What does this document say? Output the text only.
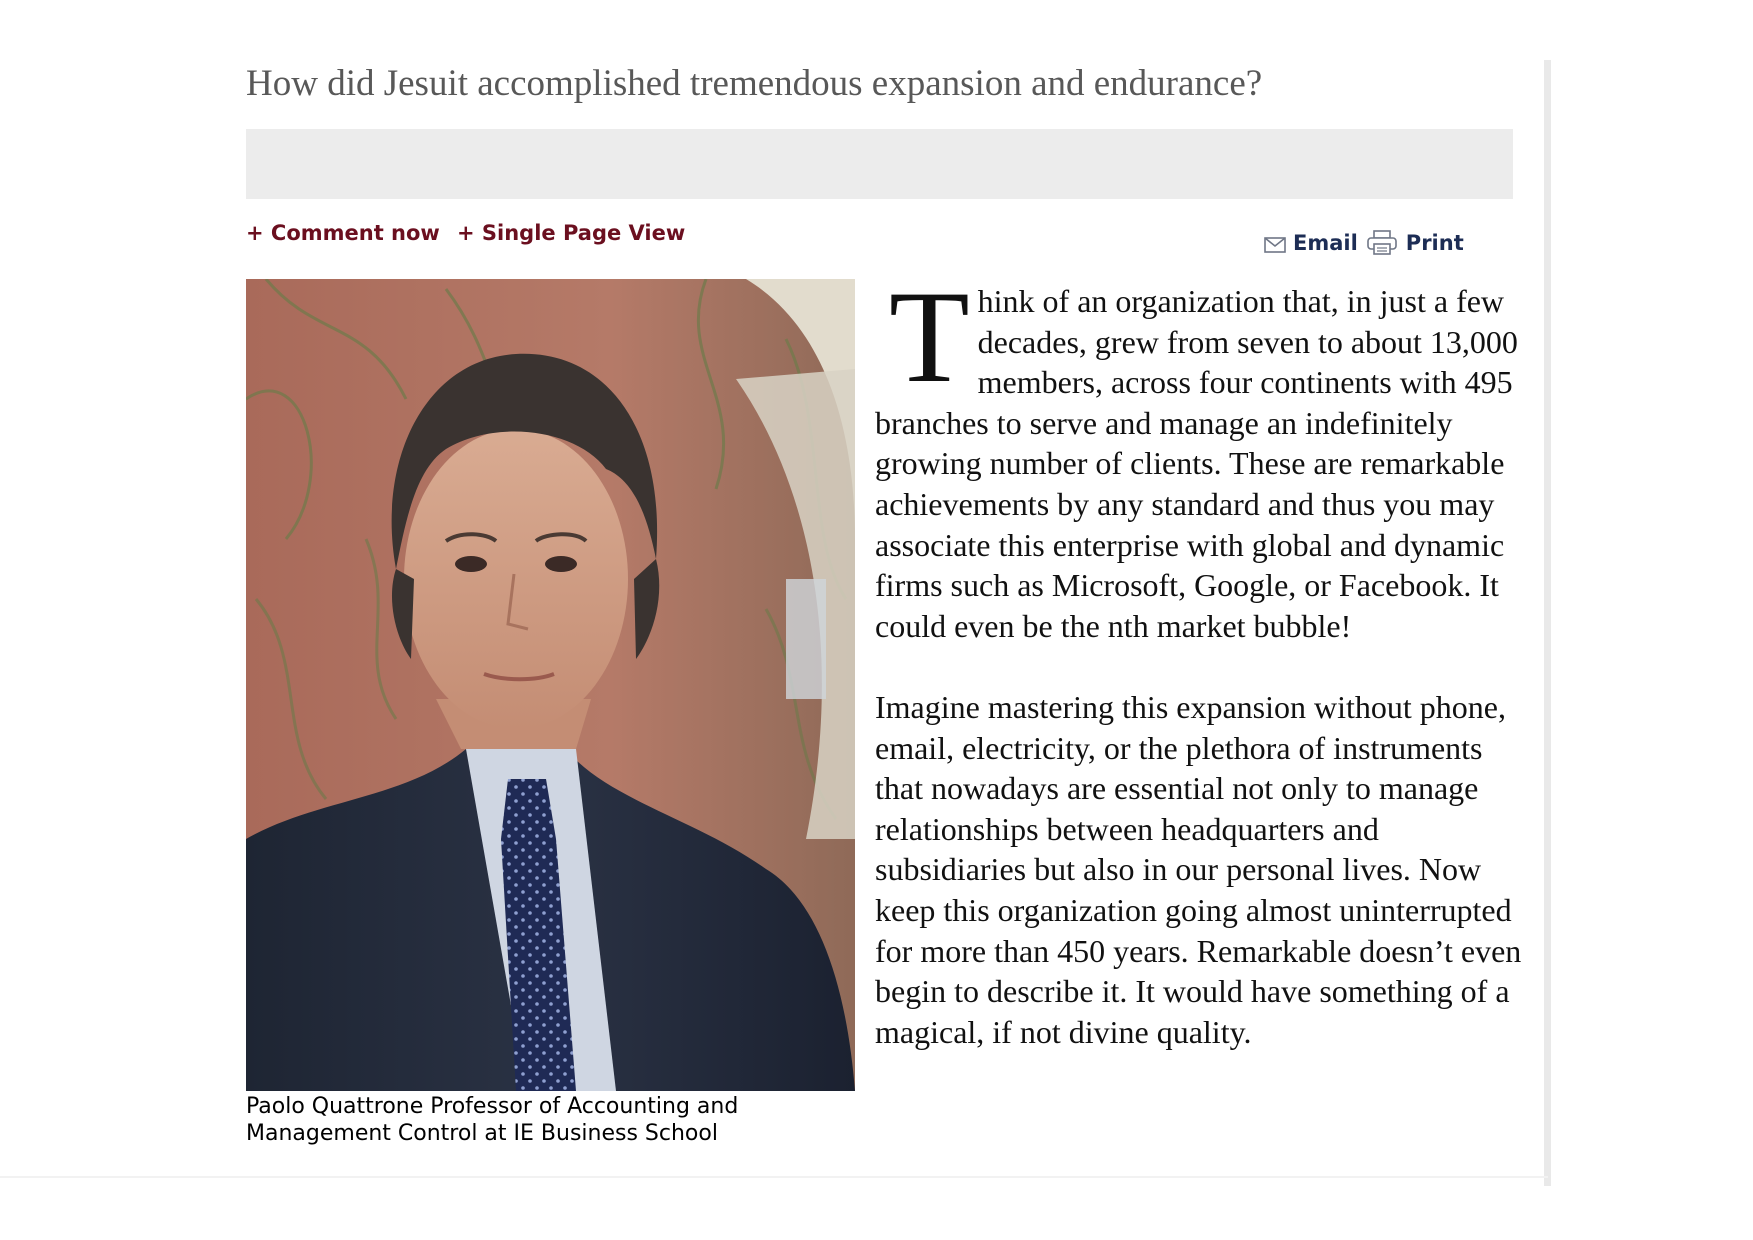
How did Jesuit accomplished tremendous expansion and endurance?
+ Comment now + Single Page View	Email Print

Paolo Quattrone Professor of Accounting and Management Control at IE Business School

Think of an organization that, in just a few decades, grew from seven to about 13,000 members, across four continents with 495 branches to serve and manage an indefinitely growing number of clients. These are remarkable achievements by any standard and thus you may associate this enterprise with global and dynamic firms such as Microsoft, Google, or Facebook. It could even be the nth market bubble!

Imagine mastering this expansion without phone, email, electricity, or the plethora of instruments that nowadays are essential not only to manage relationships between headquarters and subsidiaries but also in our personal lives. Now keep this organization going almost uninterrupted for more than 450 years. Remarkable doesn’t even begin to describe it. It would have something of a magical, if not divine quality.
